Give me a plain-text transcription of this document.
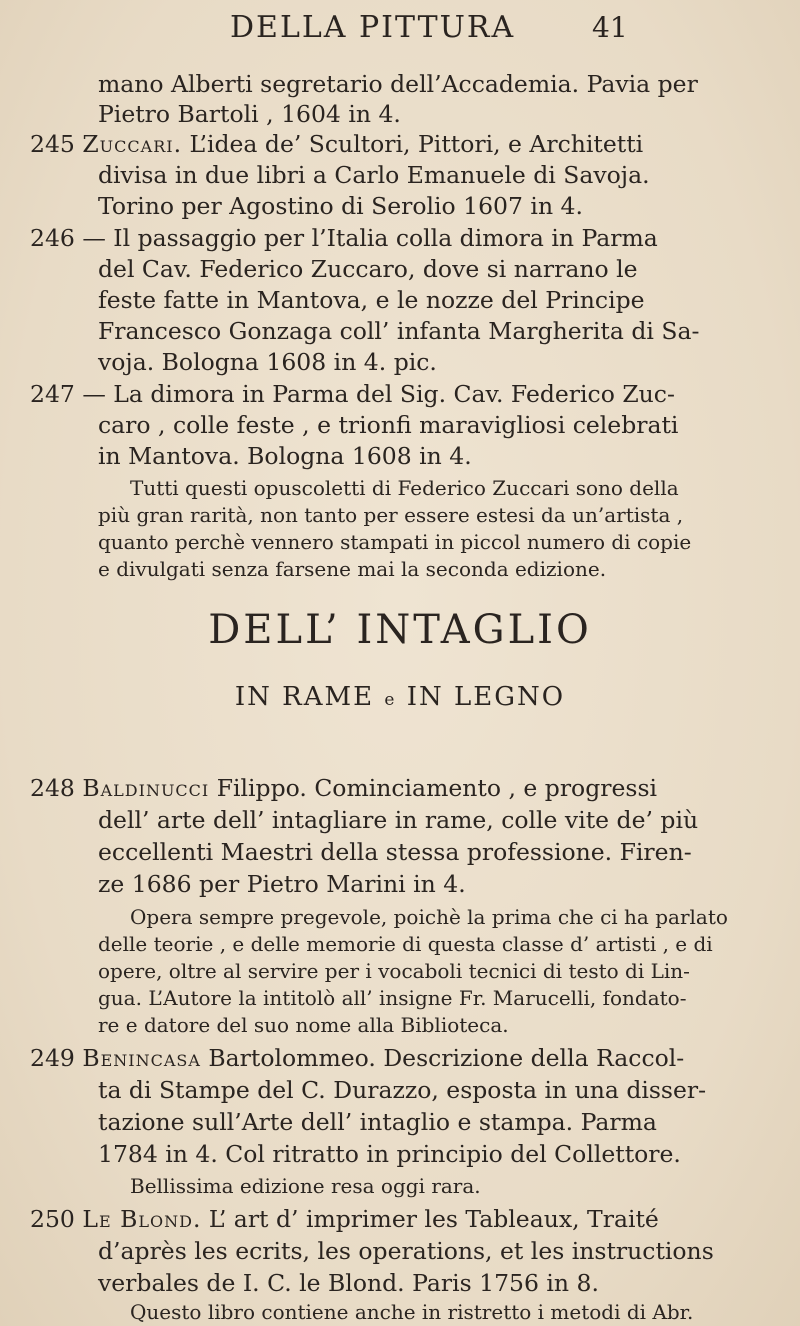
DELLA PITTURA	41
mano Alberti segretario dell’Accademia. Pavia per
Pietro Bartoli , 1604 in 4.
245 Zuccari. L’idea de’ Scultori, Pittori, e Architetti
divisa in due libri a Carlo Emanuele di Savoja.
Torino per Agostino di Serolio 1607 in 4.
246 — Il passaggio per l’Italia colla dimora in Parma
del Cav. Federico Zuccaro, dove si narrano le
feste fatte in Mantova, e le nozze del Principe
Francesco Gonzaga coll’ infanta Margherita di Sa-
voja. Bologna 1608 in 4. pic.
247 — La dimora in Parma del Sig. Cav. Federico Zuc-
caro , colle feste , e trionfi maravigliosi celebrati
in Mantova. Bologna 1608 in 4.
Tutti questi opuscoletti di Federico Zuccari sono della
più gran rarità, non tanto per essere estesi da un’artista ,
quanto perchè vennero stampati in piccol numero di copie
e divulgati senza farsene mai la seconda edizione.
DELL’ INTAGLIO
IN RAME e IN LEGNO
248 Baldinucci Filippo. Cominciamento , e progressi
dell’ arte dell’ intagliare in rame, colle vite de’ più
eccellenti Maestri della stessa professione. Firen-
ze 1686 per Pietro Marini in 4.
Opera sempre pregevole, poichè la prima che ci ha parlato
delle teorie , e delle memorie di questa classe d’ artisti , e di
opere, oltre al servire per i vocaboli tecnici di testo di Lin-
gua. L’Autore la intitolò all’ insigne Fr. Marucelli, fondato-
re e datore del suo nome alla Biblioteca.
249 Benincasa Bartolommeo. Descrizione della Raccol-
ta di Stampe del C. Durazzo, esposta in una disser-
tazione sull’Arte dell’ intaglio e stampa. Parma
1784 in 4. Col ritratto in principio del Collettore.
Bellissima edizione resa oggi rara.
250 Le Blond. L’ art d’ imprimer les Tableaux, Traité
d’après les ecrits, les operations, et les instructions
verbales de I. C. le Blond. Paris 1756 in 8.
Questo libro contiene anche in ristretto i metodi di Abr.
